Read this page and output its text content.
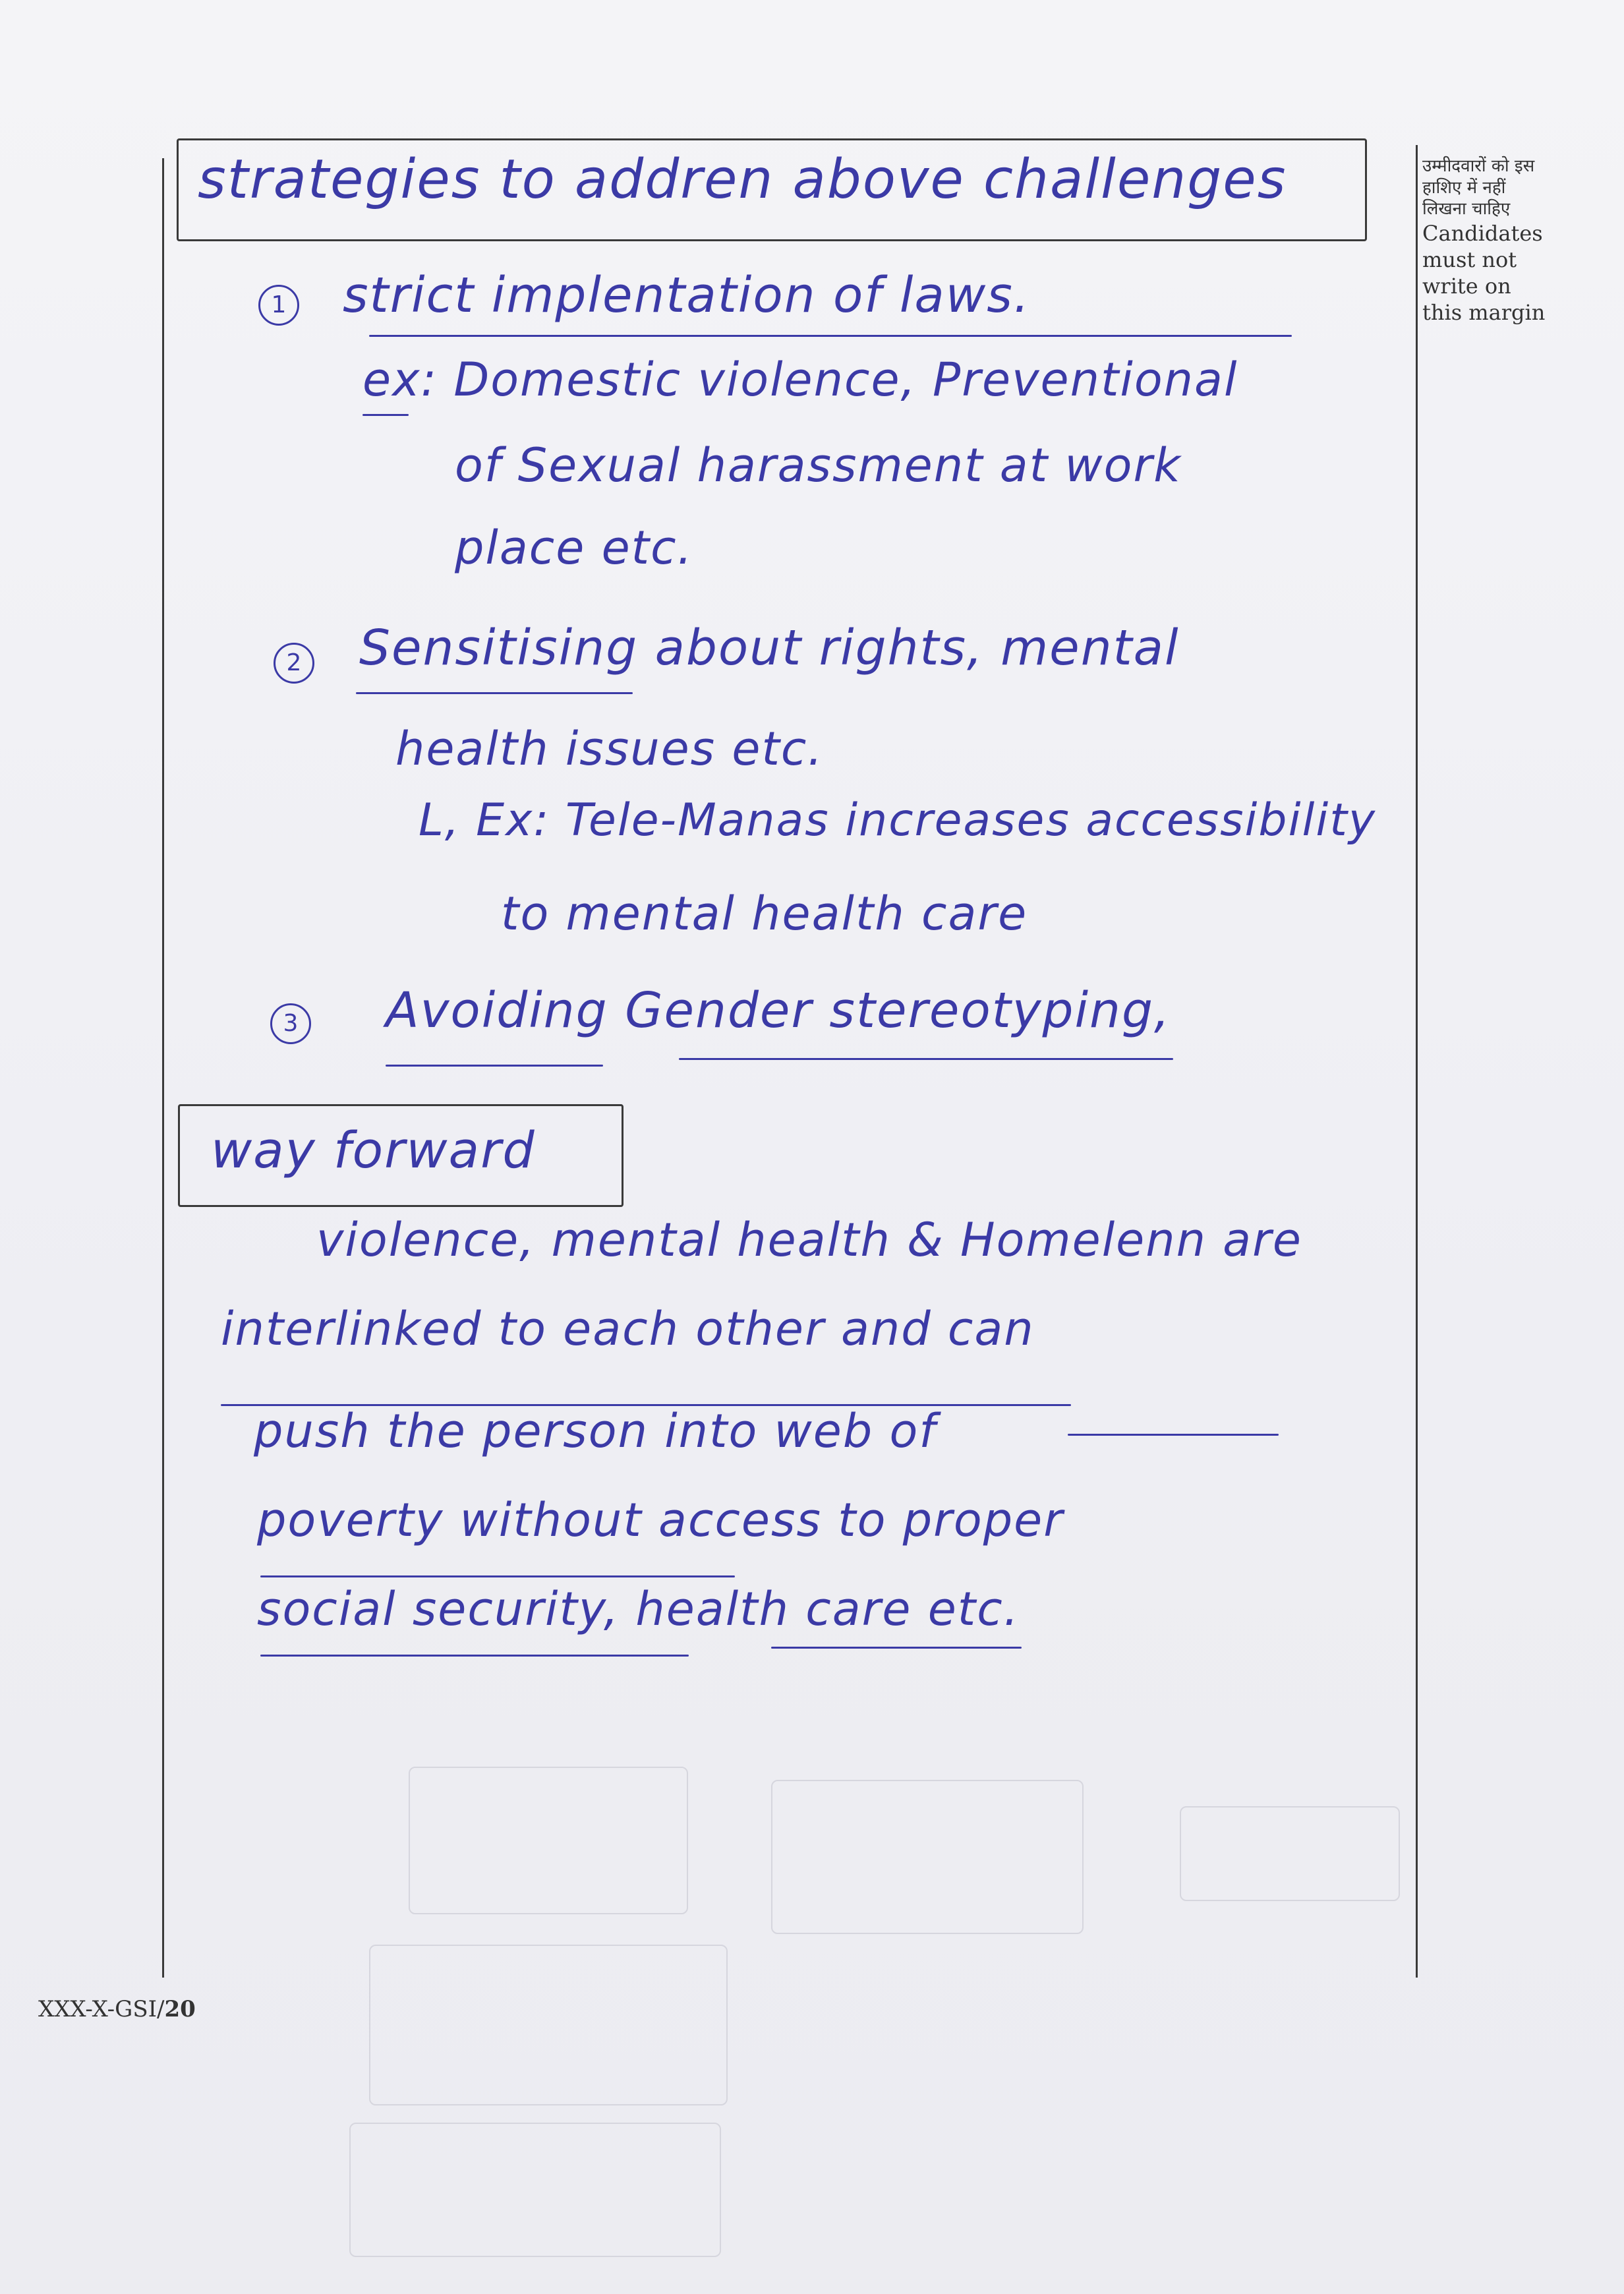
उम्मीदवारों को इस
हाशिए में नहीं
लिखना चाहिए
Candidates
must not
write on
this margin
XXX-X-GSI/20
strategies to addren above challenges
1 strict implentation of laws.
ex: Domestic violence, Preventional
of Sexual harassment at work
place etc.
2 Sensitising about rights, mental
health issues etc.
L, Ex: Tele-Manas increases accessibility
to mental health care
3 Avoiding Gender stereotyping,
way forward
violence, mental health & Homelenn are
interlinked to each other and can
push the person into web of
poverty without access to proper
social security, health care etc.
